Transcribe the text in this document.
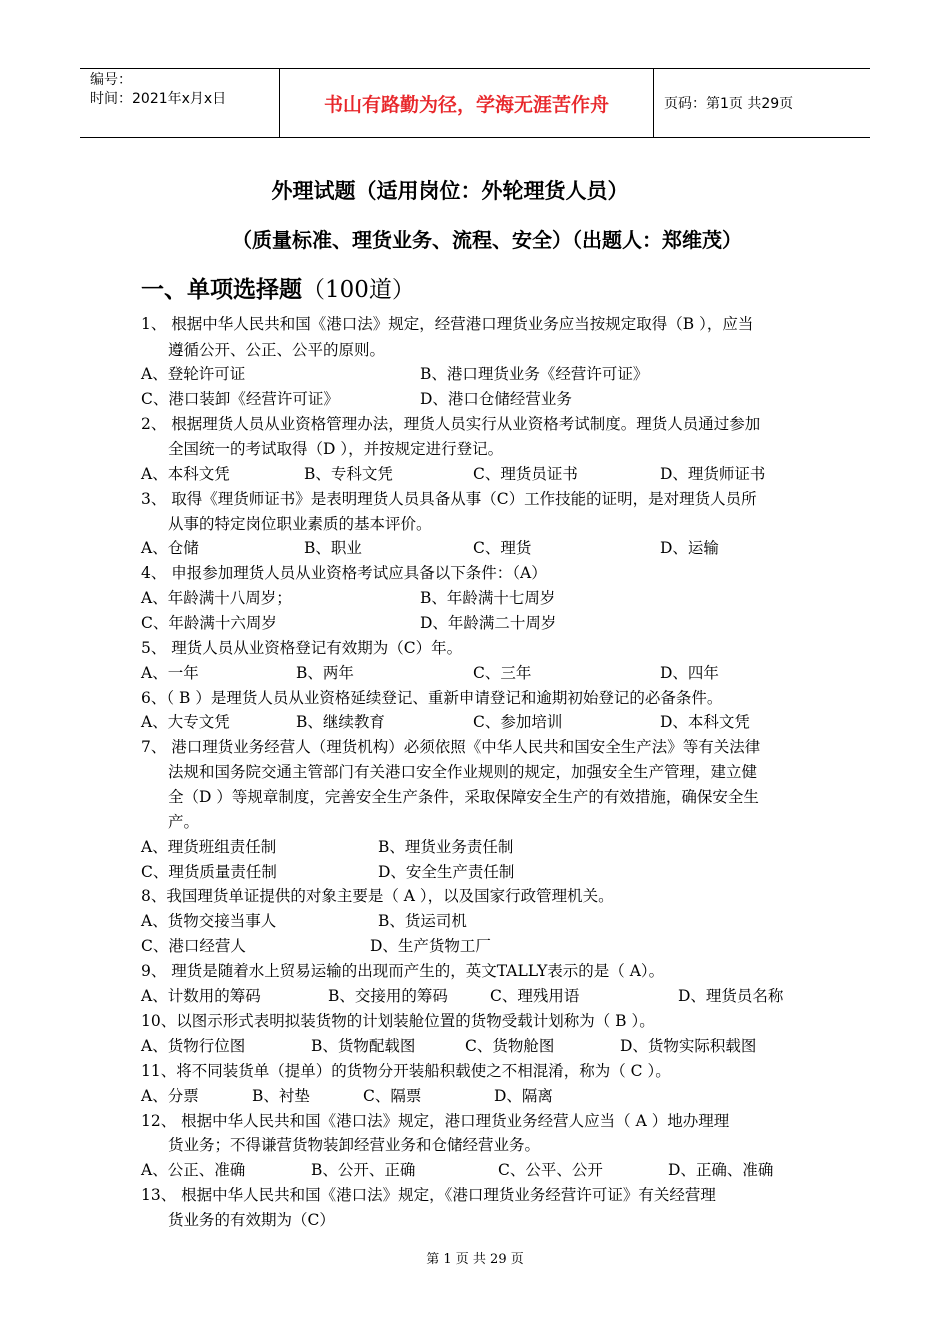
编号：
时间：2021年x月x日	书山有路勤为径，学海无涯苦作舟	页码：第1页 共29页
外理试题（适用岗位：外轮理货人员）
（质量标准、理货业务、流程、安全）（出题人：郑维茂）
一、单项选择题（100道）
1、 根据中华人民共和国《港口法》规定，经营港口理货业务应当按规定取得（B ），应当
遵循公开、公正、公平的原则。
A、登轮许可证	B、港口理货业务《经营许可证》
C、港口装卸《经营许可证》	D、港口仓储经营业务
2、 根据理货人员从业资格管理办法，理货人员实行从业资格考试制度。理货人员通过参加
全国统一的考试取得（D ），并按规定进行登记。
A、本科文凭	B、专科文凭	C、理货员证书	D、理货师证书
3、 取得《理货师证书》是表明理货人员具备从事（C）工作技能的证明，是对理货人员所
从事的特定岗位职业素质的基本评价。
A、仓储	B、职业	C、理货	D、运输
4、 申报参加理货人员从业资格考试应具备以下条件：（A）
A、年龄满十八周岁；	B、年龄满十七周岁
C、年龄满十六周岁	D、年龄满二十周岁
5、 理货人员从业资格登记有效期为（C）年。
A、一年	B、两年	C、三年	D、四年
6、（ B ）是理货人员从业资格延续登记、重新申请登记和逾期初始登记的必备条件。
A、大专文凭	B、继续教育	C、参加培训	D、本科文凭
7、 港口理货业务经营人（理货机构）必须依照《中华人民共和国安全生产法》等有关法律
法规和国务院交通主管部门有关港口安全作业规则的规定，加强安全生产管理，建立健
全（D ）等规章制度，完善安全生产条件，采取保障安全生产的有效措施，确保安全生
产。
A、理货班组责任制	B、理货业务责任制
C、理货质量责任制	D、安全生产责任制
8、我国理货单证提供的对象主要是（ A ），以及国家行政管理机关。
A、货物交接当事人	B、货运司机
C、港口经营人	D、生产货物工厂
9、 理货是随着水上贸易运输的出现而产生的，英文TALLY表示的是（ A）。
A、计数用的筹码	B、交接用的筹码	C、理残用语	D、理货员名称
10、以图示形式表明拟装货物的计划装舱位置的货物受载计划称为（ B ）。
A、货物行位图	B、货物配载图	C、货物舱图	D、货物实际积载图
11、将不同装货单（提单）的货物分开装船积载使之不相混淆，称为（ C ）。
A、分票	B、衬垫	C、隔票	D、隔离
12、 根据中华人民共和国《港口法》规定，港口理货业务经营人应当（ A ）地办理理
货业务；不得谦营货物装卸经营业务和仓储经营业务。
A、公正、准确	B、公开、正确	C、公平、公开	D、正确、准确
13、 根据中华人民共和国《港口法》规定，《港口理货业务经营许可证》有关经营理
货业务的有效期为（C）
第 1 页 共 29 页
